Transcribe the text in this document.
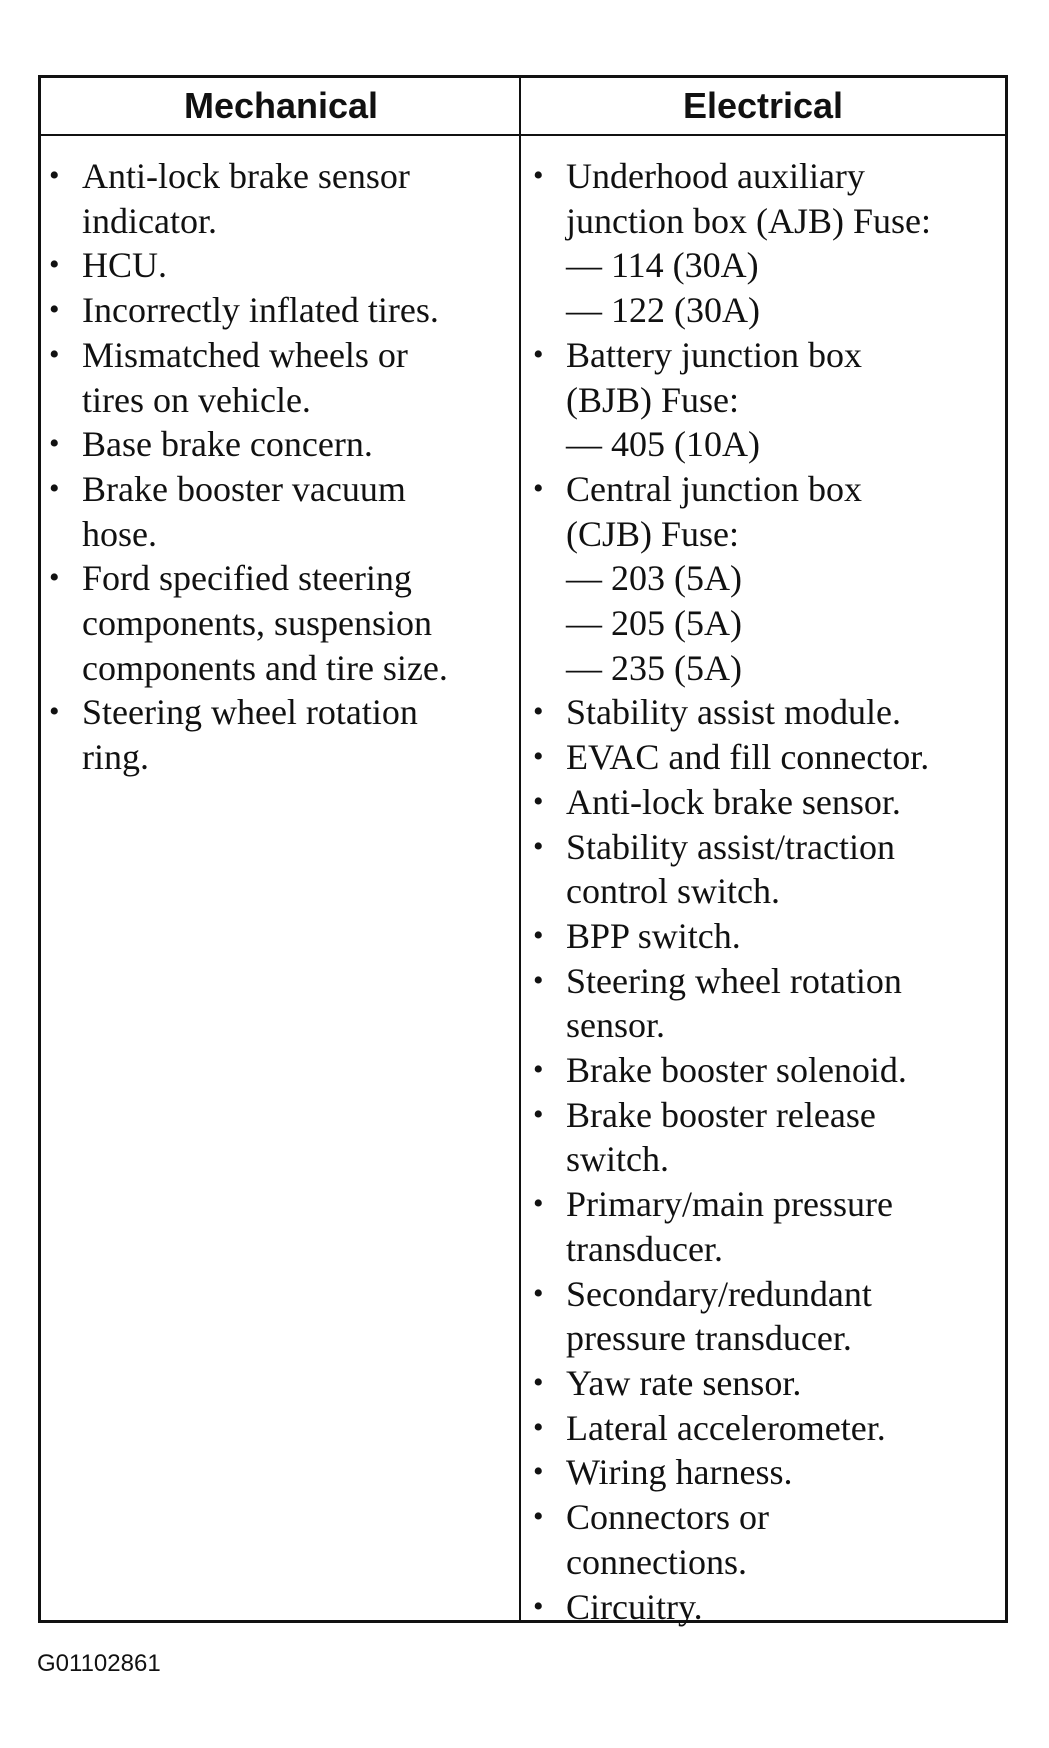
Mechanical	Electrical
• Anti-lock brake sensor
indicator.
• HCU.
• Incorrectly inflated tires.
• Mismatched wheels or
tires on vehicle.
• Base brake concern.
• Brake booster vacuum
hose.
• Ford specified steering
components, suspension
components and tire size.
• Steering wheel rotation
ring.
• Underhood auxiliary
junction box (AJB) Fuse:
— 114 (30A)
— 122 (30A)
• Battery junction box
(BJB) Fuse:
— 405 (10A)
• Central junction box
(CJB) Fuse:
— 203 (5A)
— 205 (5A)
— 235 (5A)
• Stability assist module.
• EVAC and fill connector.
• Anti-lock brake sensor.
• Stability assist/traction
control switch.
• BPP switch.
• Steering wheel rotation
sensor.
• Brake booster solenoid.
• Brake booster release
switch.
• Primary/main pressure
transducer.
• Secondary/redundant
pressure transducer.
• Yaw rate sensor.
• Lateral accelerometer.
• Wiring harness.
• Connectors or
connections.
• Circuitry.
G01102861
